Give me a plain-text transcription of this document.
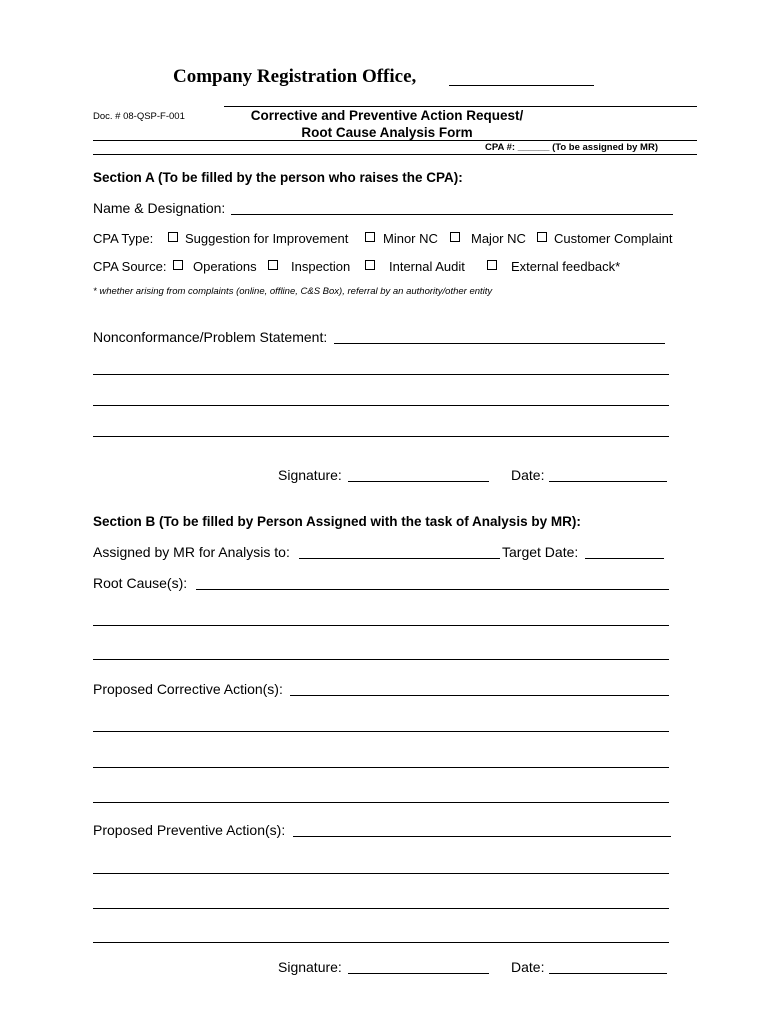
Company Registration Office,
Doc. # 08-QSP-F-001	Corrective and Preventive Action Request/
Root Cause Analysis Form
CPA #: ______ (To be assigned by MR)
Section A (To be filled by the person who raises the CPA):
Name & Designation:
CPA Type: Suggestion for Improvement	Minor NC	Major NC Customer Complaint
CPA Source: Operations	Inspection	Internal Audit	External feedback*
* whether arising from complaints (online, offline, C&S Box), referral by an authority/other entity
Nonconformance/Problem Statement:
Signature:	Date:
Section B (To be filled by Person Assigned with the task of Analysis by MR):
Assigned by MR for Analysis to:	Target Date:
Root Cause(s):
Proposed Corrective Action(s):
Proposed Preventive Action(s):
Signature:	Date:
